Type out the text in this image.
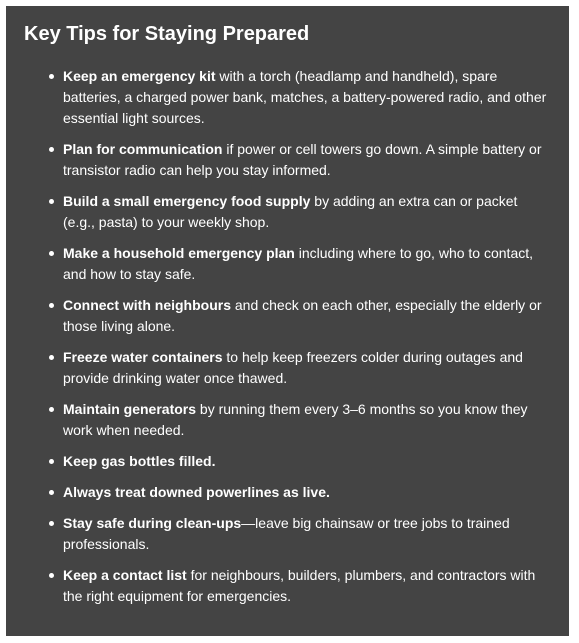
Key Tips for Staying Prepared
Keep an emergency kit with a torch (headlamp and handheld), spare batteries, a charged power bank, matches, a battery-powered radio, and other essential light sources.
Plan for communication if power or cell towers go down. A simple battery or transistor radio can help you stay informed.
Build a small emergency food supply by adding an extra can or packet (e.g., pasta) to your weekly shop.
Make a household emergency plan including where to go, who to contact, and how to stay safe.
Connect with neighbours and check on each other, especially the elderly or those living alone.
Freeze water containers to help keep freezers colder during outages and provide drinking water once thawed.
Maintain generators by running them every 3–6 months so you know they work when needed.
Keep gas bottles filled.
Always treat downed powerlines as live.
Stay safe during clean-ups—leave big chainsaw or tree jobs to trained professionals.
Keep a contact list for neighbours, builders, plumbers, and contractors with the right equipment for emergencies.
